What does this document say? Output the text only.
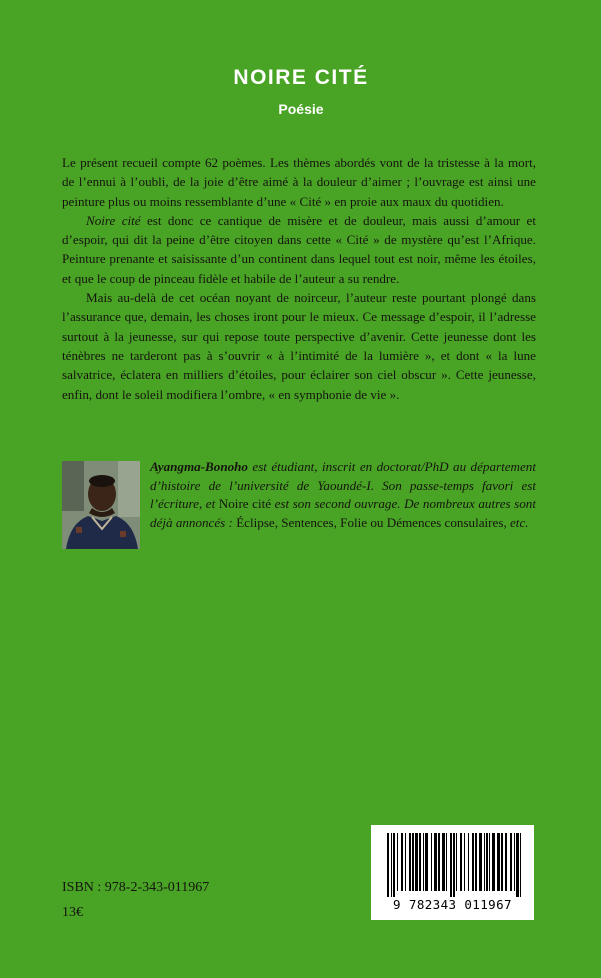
NOIRE CITÉ
Poésie

Le présent recueil compte 62 poèmes. Les thèmes abordés vont de la tristesse à la mort, de l’ennui à l’oubli, de la joie d’être aimé à la douleur d’aimer ; l’ouvrage est ainsi une peinture plus ou moins ressemblante d’une « Cité » en proie aux maux du quotidien.

Noire cité est donc ce cantique de misère et de douleur, mais aussi d’amour et d’espoir, qui dit la peine d’être citoyen dans cette « Cité » de mystère qu’est l’Afrique. Peinture prenante et saisissante d’un continent dans lequel tout est noir, même les étoiles, et que le coup de pinceau fidèle et habile de l’auteur a su rendre.

Mais au-delà de cet océan noyant de noirceur, l’auteur reste pourtant plongé dans l’assurance que, demain, les choses iront pour le mieux. Ce message d’espoir, il l’adresse surtout à la jeunesse, sur qui repose toute perspective d’avenir. Cette jeunesse dont les ténèbres ne tarderont pas à s’ouvrir « à l’intimité de la lumière », et dont « la lune salvatrice, éclatera en milliers d’étoiles, pour éclairer son ciel obscur ». Cette jeunesse, enfin, dont le soleil modifiera l’ombre, « en symphonie de vie ».

Ayangma-Bonoho est étudiant, inscrit en doctorat/PhD au département d’histoire de l’université de Yaoundé-I. Son passe-temps favori est l’écriture, et Noire cité est son second ouvrage. De nombreux autres sont déjà annoncés : Éclipse, Sentences, Folie ou Démences consulaires, etc.

9 782343 011967
ISBN : 978-2-343-011967
13€
